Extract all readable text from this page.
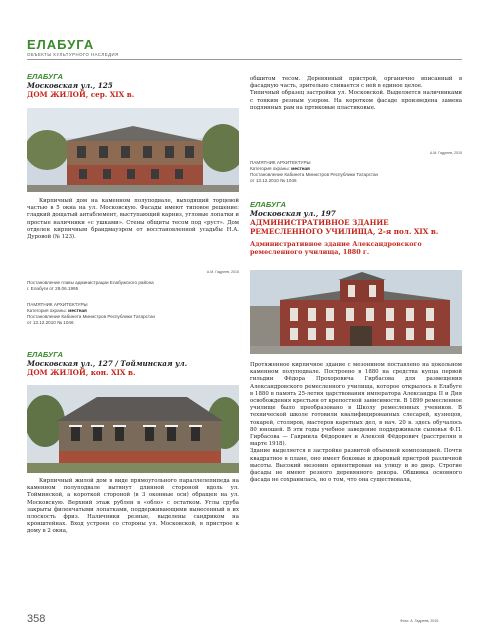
ЕЛАБУГА
ОБЪЕКТЫ КУЛЬТУРНОГО НАСЛЕДИЯ
ЕЛАБУГА
Московская ул., 125
ДОМ ЖИЛОЙ, сер. XIX в.

Кирпичный дом на каменном полуподвале, выходящий торцевой частью в 5 окна на ул. Московскую. Фасады имеют типовое решение: гладкий дощатый антаблемент, выступающий карниз, угловые лопатки и простые наличники «с ушками». Стены общиты тесом под «руст». Дом отделен кирпичным брандмауэром от восстановленной усадьбы Н.А. Дуровой (№ 123).

А.М. Гадреев, 2015
Постановление главы администрации Елабужского района
г. Елабуги от 29.06.1995
ПАМЯТНИК АРХИТЕКТУРЫ
Категория охраны: местная
Постановление Кабинета Министров Республики Татарстан
от 13.12.2010 № 1046
ЕЛАБУГА
Московская ул., 127 / Тойминская ул.
ДОМ ЖИЛОЙ, кон. XIX в.

Кирпичный жилой дом в виде прямоугольного параллелепипеда на каменном полуподвале вытянут длинной стороной вдоль ул. Тойминской, а короткой стороной (в 3 оконные оси) обращен на ул. Московскую. Верхний этаж рублен в «обло» с остатком. Углы сруба закрыты филенчатыми лопатками, поддерживающими вынесенный в их плоскость фриз. Наличники резные, выделены сандриком на кронштейнах. Вход устроен со стороны ул. Московской, в пристрое к дому в 2 окна,

обшитом тесом. Деревянный пристрой, органично вписанный в фасадную часть, зрительно сливается с ней в единое целое.
Типичный образец застройки ул. Московской. Выделяется наличниками с тонким резным узором. На коротком фасаде произведена замена подлинных рам на пртиковые пластиковые.
А.М. Гадреев, 2015
ПАМЯТНИК АРХИТЕКТУРЫ
Категория охраны: местная
Постановление Кабинета Министров Республики Татарстан
от 13.12.2010 № 1046
ЕЛАБУГА
Московская ул., 197
АДМИНИСТРАТИВНОЕ ЗДАНИЕ РЕМЕСЛЕННОГО УЧИЛИЩА, 2-я пол. XIX в.
Административное здание Александровского ремесленного училища, 1880 г.
Протяженное кирпичное здание с мезонином поставлено на цокольном каменном полуподвале. Построено в 1880 на средства купца первой гильдии Фёдора Прохоровича Гирбасова для размещения Александровского ремесленного училища, которое открылось в Елабуге в 1880 в память 25-летия царствования императора Александра II и Дня освобождения крестьян от крепостной зависимости. В 1899 ремесленное училище было преобразовано в Школу ремесленных учеников. В технической школе готовили квалифицированных слесарей, кузнецов, токарей, столяров, мастеров каретных дел, в нач. 20 в. здесь обучалось 80 юношей. В эти годы учебное заведение поддерживали сыновья Ф.П. Гирбасова — Гавриила Фёдорович и Алексей Фёдорович (расстрелян в марте 1918).
Здание выделяется в застройке развитой объемной композицией. Почти квадратное в плане, оно имеет боковые и дворовый пристрой различной высоты. Высокий мезонин ориентирован на улицу и во двор. Строгие фасады не имеют резного деревянного декора. Обшивка основного фасада не сохранилась, но о том, что она существовала,
358	Фото: А. Гадреев, 2015
